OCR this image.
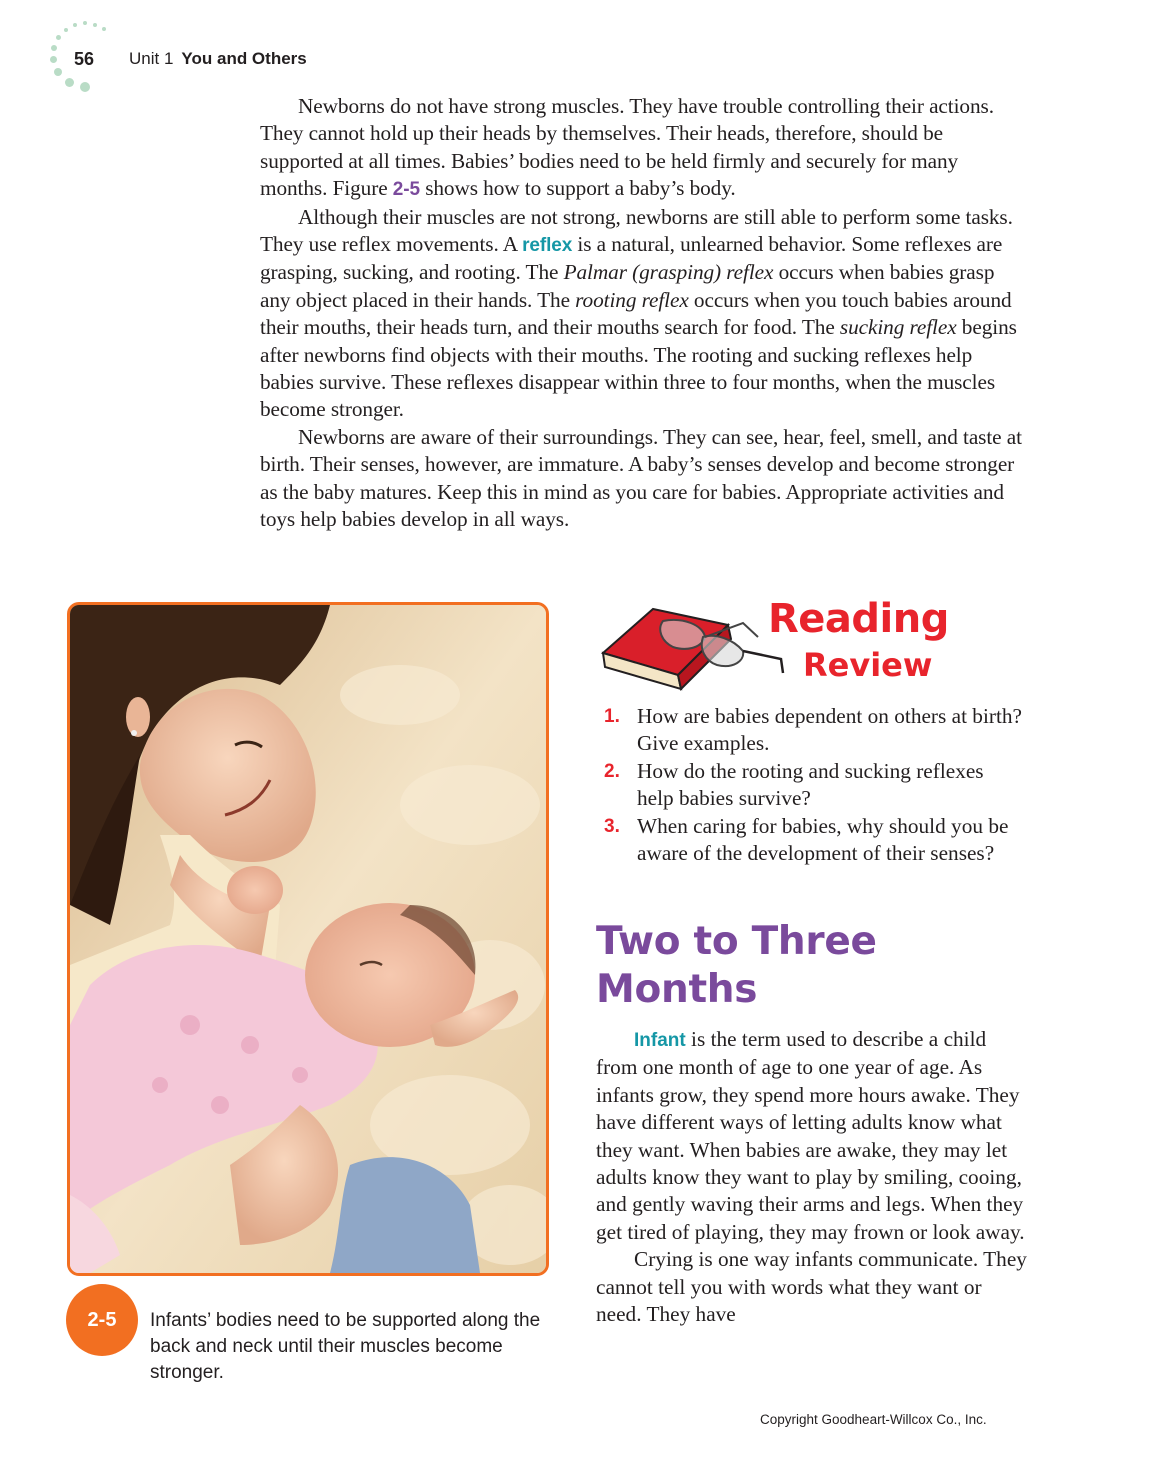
56 Unit 1 You and Others

Newborns do not have strong muscles. They have trouble controlling their actions. They cannot hold up their heads by themselves. Their heads, therefore, should be supported at all times. Babies’ bodies need to be held firmly and securely for many months. Figure 2-5 shows how to support a baby’s body.

Although their muscles are not strong, newborns are still able to perform some tasks. They use reflex movements. A reflex is a natural, unlearned behavior. Some reflexes are grasping, sucking, and rooting. The Palmar (grasping) reflex occurs when babies grasp any object placed in their hands. The rooting reflex occurs when you touch babies around their mouths, their heads turn, and their mouths search for food. The sucking reflex begins after newborns find objects with their mouths. The rooting and sucking reflexes help babies survive. These reflexes disappear within three to four months, when the muscles become stronger.

Newborns are aware of their surroundings. They can see, hear, feel, smell, and taste at birth. Their senses, however, are immature. A baby’s senses develop and become stronger as the baby matures. Keep this in mind as you care for babies. Appropriate activities and toys help babies develop in all ways.

2-5	Infants’ bodies need to be supported along the back and neck until their muscles become stronger.
Reading
Review
1. How are babies dependent on others at birth? Give examples.
2. How do the rooting and sucking reflexes help babies survive?
3. When caring for babies, why should you be aware of the development of their senses?
Two to Three Months

Infant is the term used to describe a child from one month of age to one year of age. As infants grow, they spend more hours awake. They have different ways of letting adults know what they want. When babies are awake, they may let adults know they want to play by smiling, cooing, and gently waving their arms and legs. When they get tired of playing, they may frown or look away.

Crying is one way infants communicate. They cannot tell you with words what they want or need. They have

Copyright Goodheart-Willcox Co., Inc.
